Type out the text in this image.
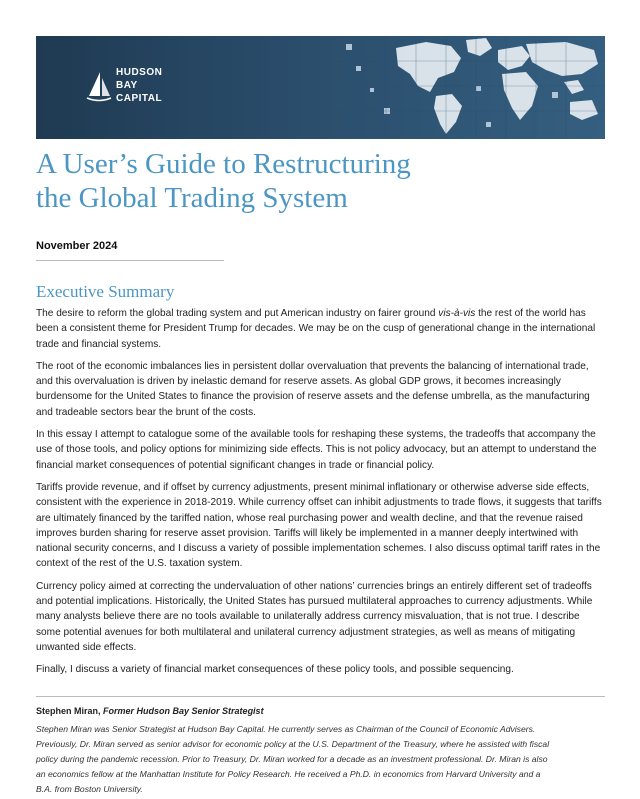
HUDSON
BAY
CAPITAL
A User’s Guide to Restructuring
the Global Trading System
November 2024
Executive Summary

The desire to reform the global trading system and put American industry on fairer ground vis-à-vis the rest of the world has been a consistent theme for President Trump for decades. We may be on the cusp of generational change in the international trade and financial systems.

The root of the economic imbalances lies in persistent dollar overvaluation that prevents the balancing of international trade, and this overvaluation is driven by inelastic demand for reserve assets. As global GDP grows, it becomes increasingly burdensome for the United States to finance the provision of reserve assets and the defense umbrella, as the manufacturing and tradeable sectors bear the brunt of the costs.

In this essay I attempt to catalogue some of the available tools for reshaping these systems, the tradeoffs that accompany the use of those tools, and policy options for minimizing side effects. This is not policy advocacy, but an attempt to understand the financial market consequences of potential significant changes in trade or financial policy.

Tariffs provide revenue, and if offset by currency adjustments, present minimal inflationary or otherwise adverse side effects, consistent with the experience in 2018-2019. While currency offset can inhibit adjustments to trade flows, it suggests that tariffs are ultimately financed by the tariffed nation, whose real purchasing power and wealth decline, and that the revenue raised improves burden sharing for reserve asset provision. Tariffs will likely be implemented in a manner deeply intertwined with national security concerns, and I discuss a variety of possible implementation schemes. I also discuss optimal tariff rates in the context of the rest of the U.S. taxation system.

Currency policy aimed at correcting the undervaluation of other nations’ currencies brings an entirely different set of tradeoffs and potential implications. Historically, the United States has pursued multilateral approaches to currency adjustments. While many analysts believe there are no tools available to unilaterally address currency misvaluation, that is not true. I describe some potential avenues for both multilateral and unilateral currency adjustment strategies, as well as means of mitigating unwanted side effects.

Finally, I discuss a variety of financial market consequences of these policy tools, and possible sequencing.

Stephen Miran, Former Hudson Bay Senior Strategist
Stephen Miran was Senior Strategist at Hudson Bay Capital. He currently serves as Chairman of the Council of Economic Advisers.
Previously, Dr. Miran served as senior advisor for economic policy at the U.S. Department of the Treasury, where he assisted with fiscal
policy during the pandemic recession. Prior to Treasury, Dr. Miran worked for a decade as an investment professional. Dr. Miran is also
an economics fellow at the Manhattan Institute for Policy Research. He received a Ph.D. in economics from Harvard University and a
B.A. from Boston University.
